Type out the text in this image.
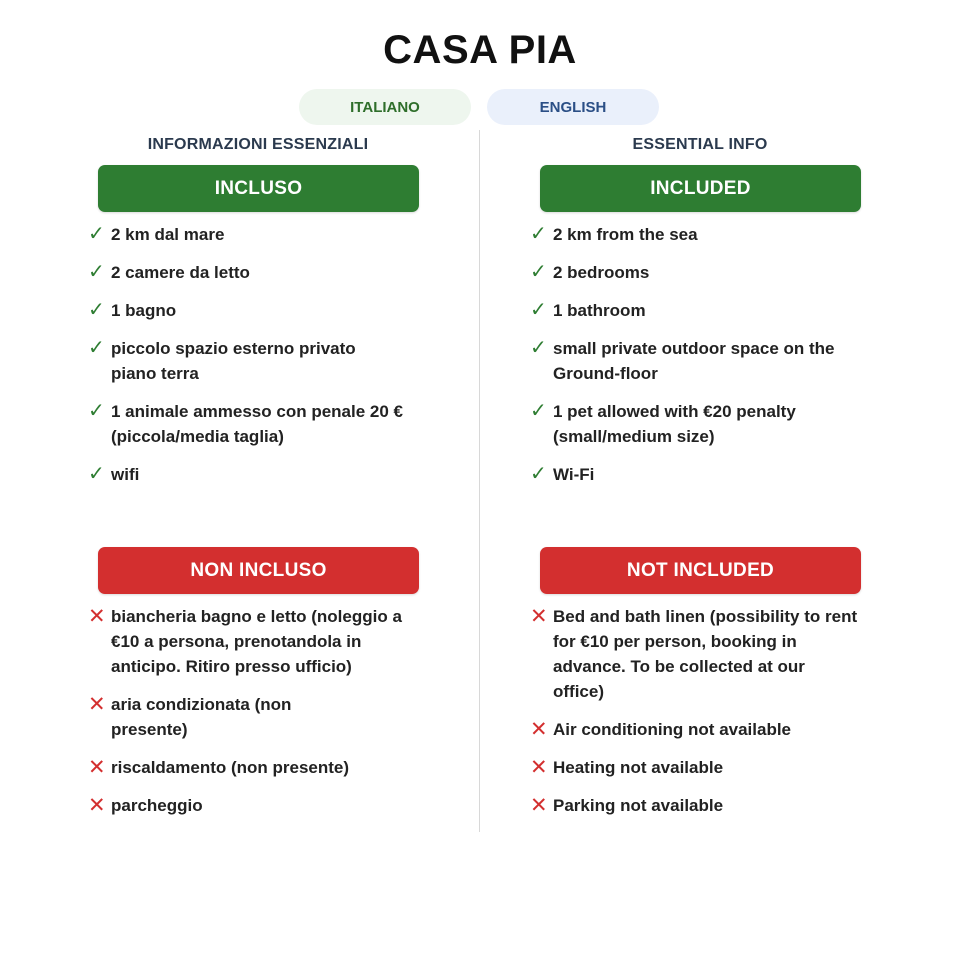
CASA PIA
ITALIANO	ENGLISH
INFORMAZIONI ESSENZIALI
INCLUSO
✓ 2 km dal mare
✓ 2 camere da letto
✓ 1 bagno
✓ piccolo spazio esterno privato piano terra
✓ 1 animale ammesso con penale 20 € (piccola/media taglia)
✓ wifi
NON INCLUSO
✕ biancheria bagno e letto (noleggio a €10 a persona, prenotandola in anticipo. Ritiro presso ufficio)
✕ aria condizionata (non presente)
✕ riscaldamento (non presente)
✕ parcheggio
ESSENTIAL INFO
INCLUDED
✓ 2 km from the sea
✓ 2 bedrooms
✓ 1 bathroom
✓ small private outdoor space on the Ground-floor
✓ 1 pet allowed with €20 penalty (small/medium size)
✓ Wi-Fi
NOT INCLUDED
✕ Bed and bath linen (possibility to rent for €10 per person, booking in advance. To be collected at our office)
✕ Air conditioning not available
✕ Heating not available
✕ Parking not available
